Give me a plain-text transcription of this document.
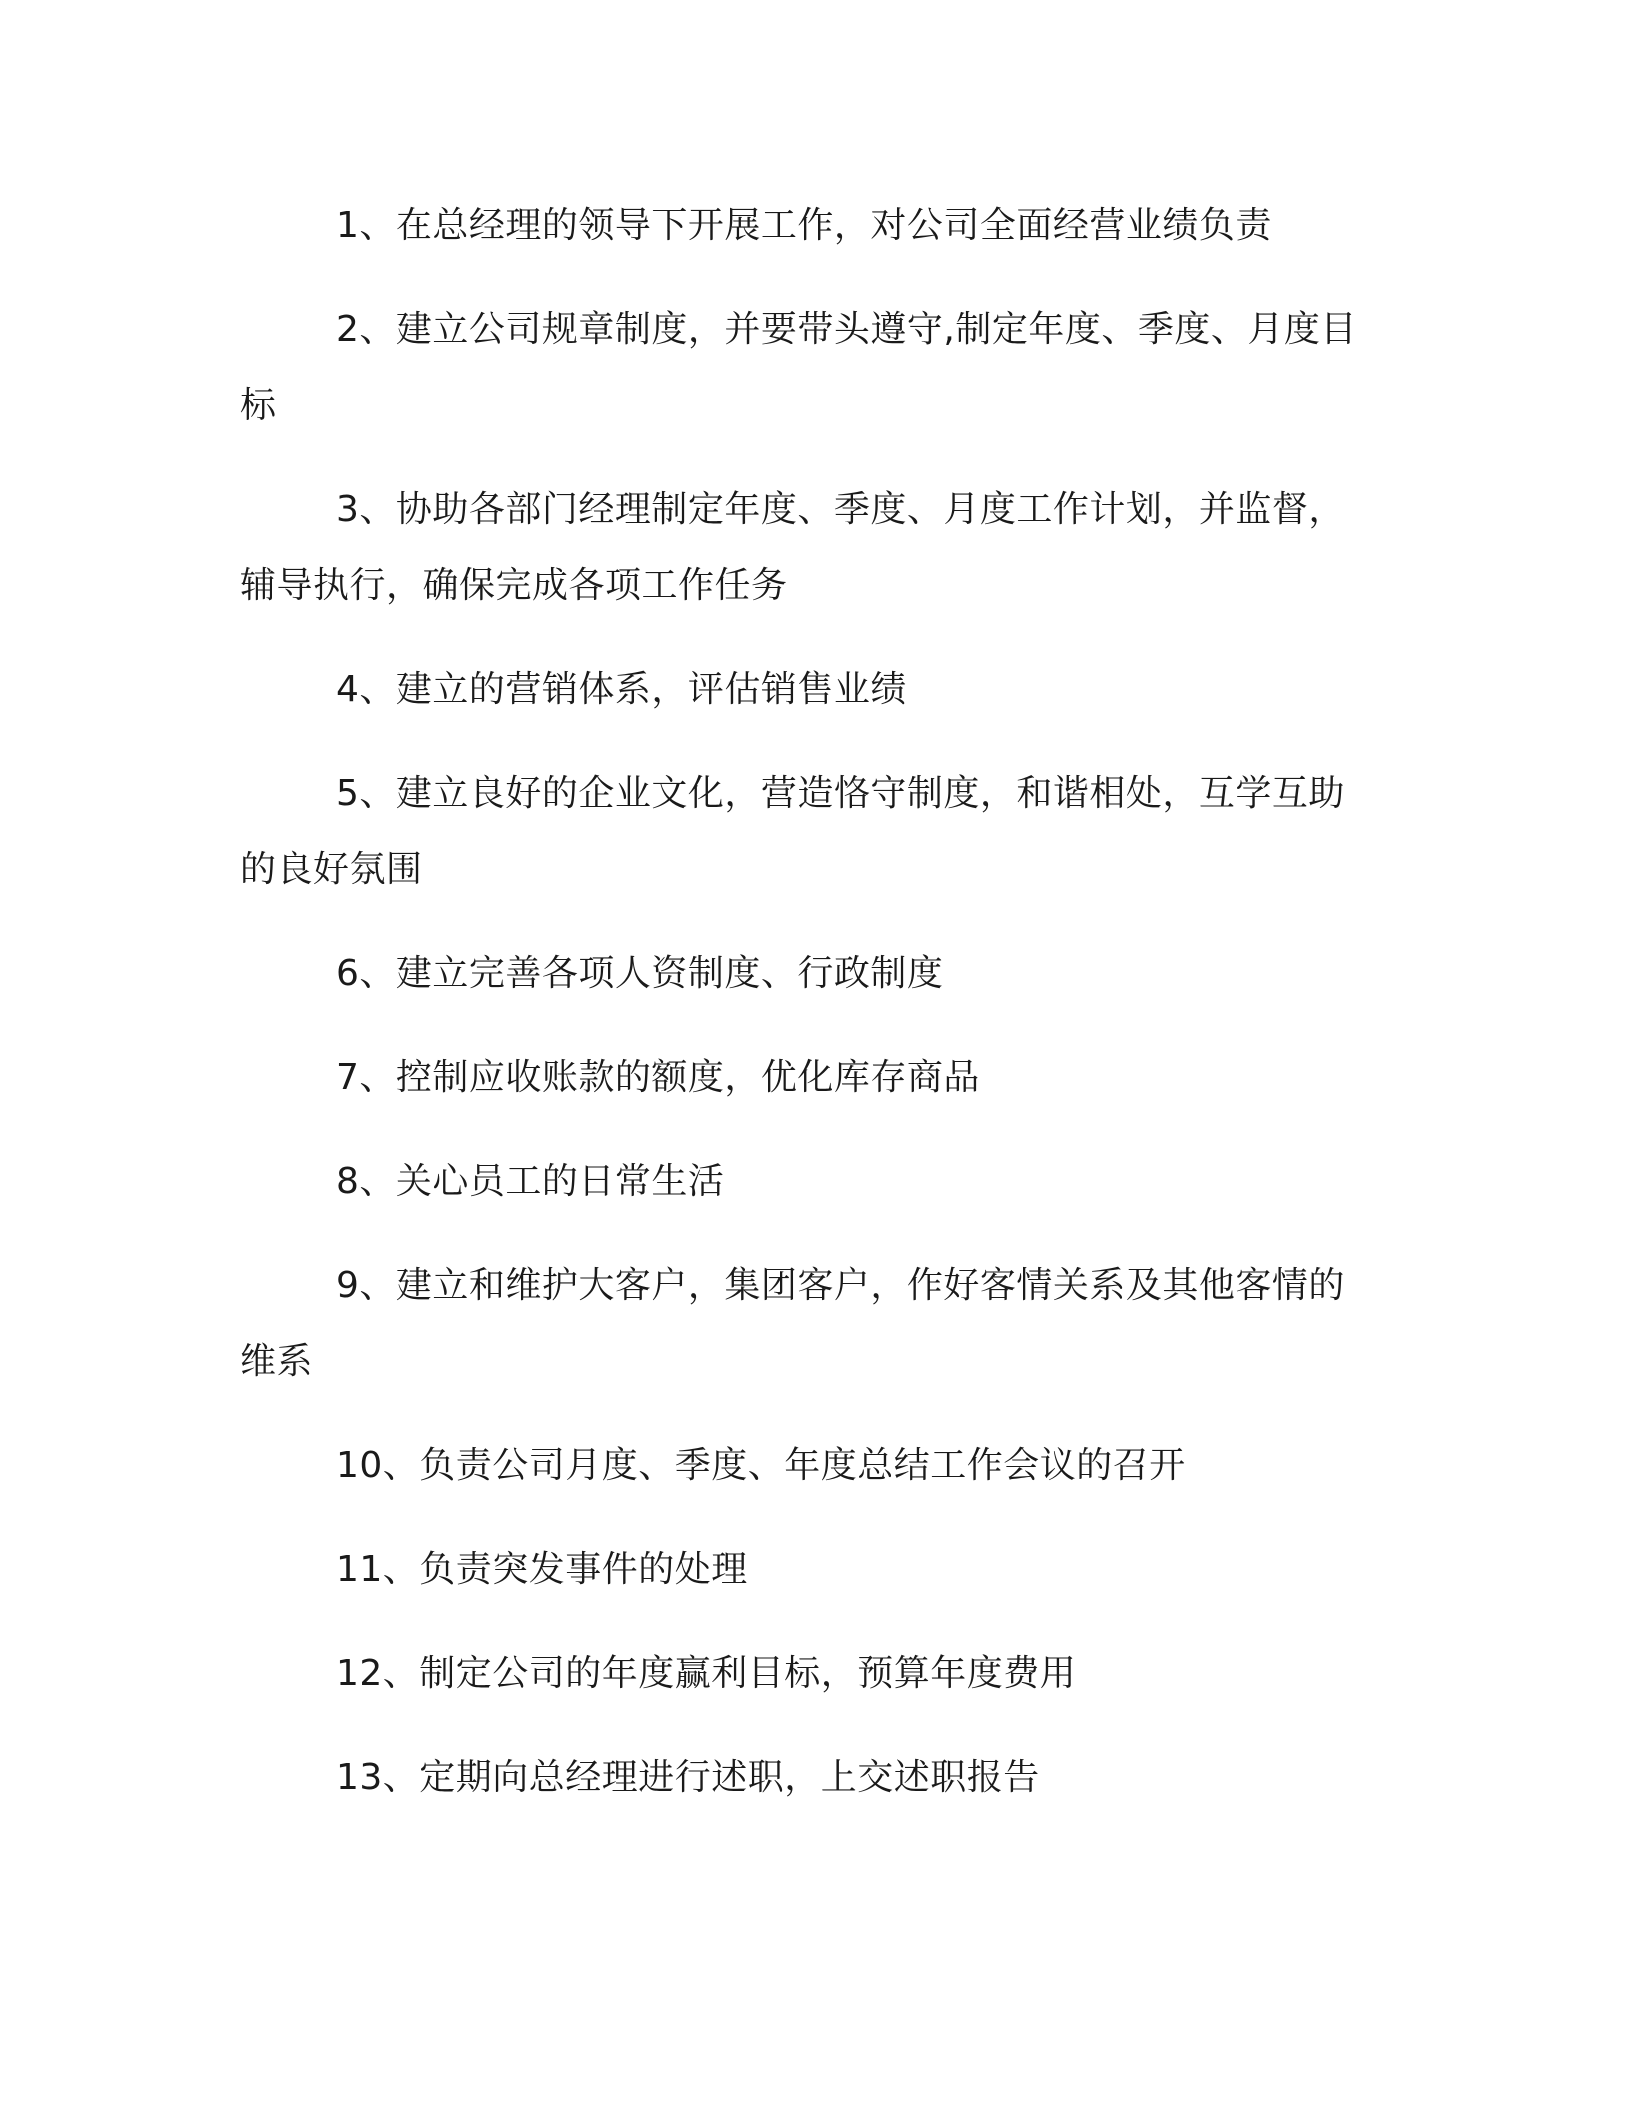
1、在总经理的领导下开展工作，对公司全面经营业绩负责

2、建立公司规章制度，并要带头遵守,制定年度、季度、月度目标

3、协助各部门经理制定年度、季度、月度工作计划，并监督，辅导执行，确保完成各项工作任务

4、建立的营销体系，评估销售业绩

5、建立良好的企业文化，营造恪守制度，和谐相处，互学互助的良好氛围

6、建立完善各项人资制度、行政制度

7、控制应收账款的额度，优化库存商品

8、关心员工的日常生活

9、建立和维护大客户，集团客户，作好客情关系及其他客情的维系

10、负责公司月度、季度、年度总结工作会议的召开

11、负责突发事件的处理

12、制定公司的年度赢利目标，预算年度费用

13、定期向总经理进行述职，上交述职报告
